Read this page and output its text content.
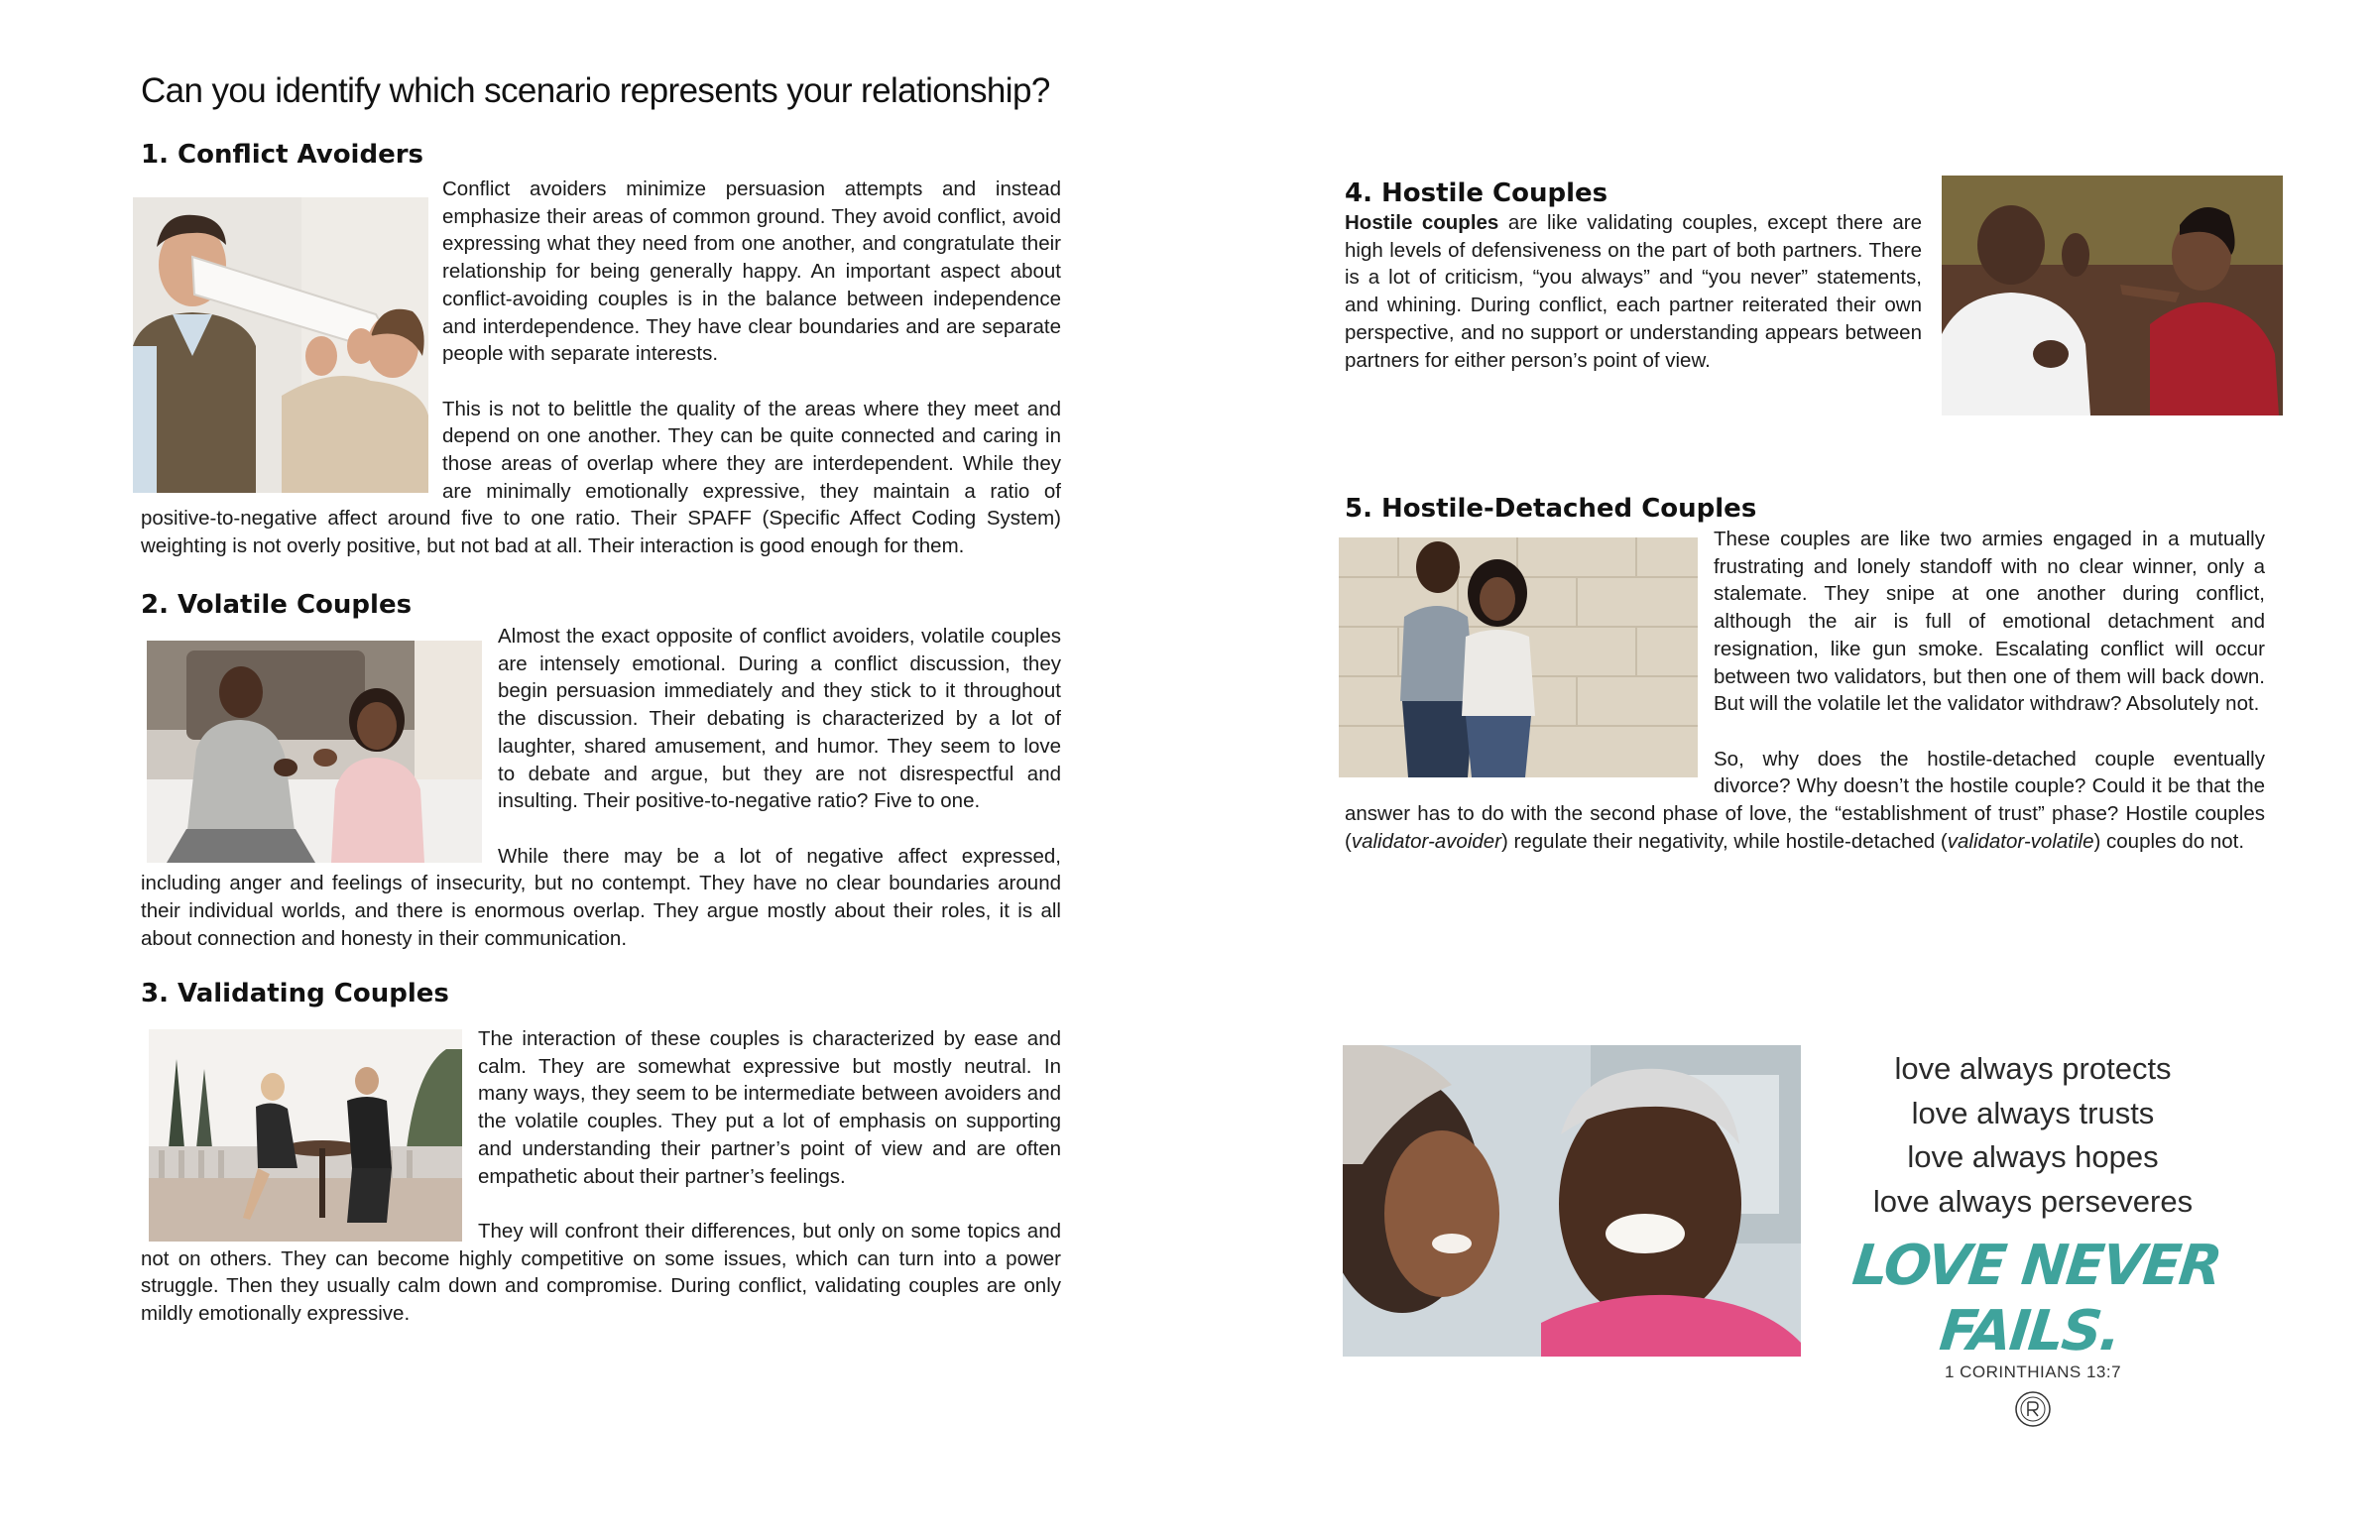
Can you identify which scenario represents your relationship?
1. Conflict Avoiders

Conflict avoiders minimize persuasion attempts and instead emphasize their areas of common ground. They avoid conflict, avoid expressing what they need from one another, and congratulate their relationship for being generally happy. An important aspect about conflict-avoiding couples is in the balance between independence and interdependence. They have clear boundaries and are separate people with separate interests.

This is not to belittle the quality of the areas where they meet and depend on one another. They can be quite connected and caring in those areas of overlap where they are interdependent. While they are minimally emotionally expressive, they maintain a ratio of positive-to-negative affect around five to one ratio. Their SPAFF (Specific Affect Coding System) weighting is not overly positive, but not bad at all. Their interaction is good enough for them.

2. Volatile Couples

Almost the exact opposite of conflict avoiders, volatile couples are intensely emotional. During a conflict discussion, they begin persuasion immediately and they stick to it throughout the discussion. Their debating is characterized by a lot of laughter, shared amusement, and humor. They seem to love to debate and argue, but they are not disrespectful and insulting. Their positive-to-negative ratio? Five to one.

While there may be a lot of negative affect expressed, including anger and feelings of insecurity, but no contempt. They have no clear boundaries around their individual worlds, and there is enormous overlap. They argue mostly about their roles, it is all about connection and honesty in their communication.

3. Validating Couples

The interaction of these couples is characterized by ease and calm. They are somewhat expressive but mostly neutral. In many ways, they seem to be intermediate between avoiders and the volatile couples. They put a lot of emphasis on supporting and understanding their partner’s point of view and are often empathetic about their partner’s feelings.

They will confront their differences, but only on some topics and not on others. They can become highly competitive on some issues, which can turn into a power struggle. Then they usually calm down and compromise. During conflict, validating couples are only mildly emotionally expressive.

4. Hostile Couples

Hostile couples are like validating couples, except there are high levels of defensiveness on the part of both partners. There is a lot of criticism, “you always” and “you never” statements, and whining. During conflict, each partner reiterated their own perspective, and no support or understanding appears between partners for either person’s point of view.

5. Hostile-Detached Couples

These couples are like two armies engaged in a mutually frustrating and lonely standoff with no clear winner, only a stalemate. They snipe at one another during conflict, although the air is full of emotional detachment and resignation, like gun smoke. Escalating conflict will occur between two validators, but then one of them will back down. But will the volatile let the validator withdraw? Absolutely not.

So, why does the hostile-detached couple eventually divorce? Why doesn’t the hostile couple? Could it be that the answer has to do with the second phase of love, the “establishment of trust” phase? Hostile couples (validator-avoider) regulate their negativity, while hostile-detached (validator-volatile) couples do not.

love always protects
love always trusts
love always hopes
love always perseveres
LOVE NEVER FAILS.
1 CORINTHIANS 13:7
